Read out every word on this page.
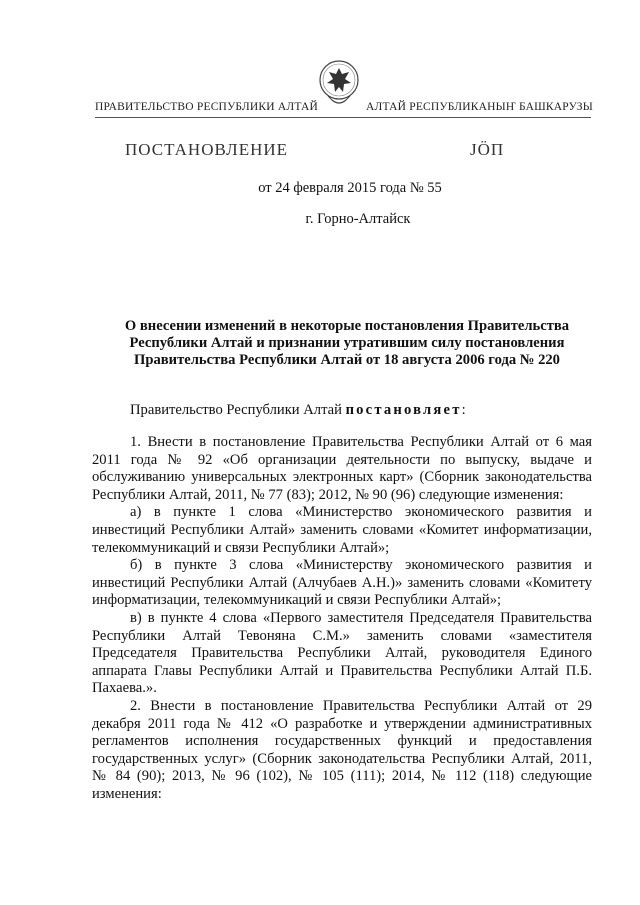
ПРАВИТЕЛЬСТВО РЕСПУБЛИКИ АЛТАЙ	АЛТАЙ РЕСПУБЛИКАНЫҤ БАШКАРУЗЫ
ПОСТАНОВЛЕНИЕ	ЈÖП
от 24 февраля 2015 года № 55
г. Горно-Алтайск
О внесении изменений в некоторые постановления Правительства Республики Алтай и признании утратившим силу постановления Правительства Республики Алтай от 18 августа 2006 года № 220
Правительство Республики Алтай постановляет:

1. Внести в постановление Правительства Республики Алтай от 6 мая 2011 года № 92 «Об организации деятельности по выпуску, выдаче и обслуживанию универсальных электронных карт» (Сборник законодательства Республики Алтай, 2011, № 77 (83); 2012, № 90 (96) следующие изменения:

а) в пункте 1 слова «Министерство экономического развития и инвестиций Республики Алтай» заменить словами «Комитет информатизации, телекоммуникаций и связи Республики Алтай»;

б) в пункте 3 слова «Министерству экономического развития и инвестиций Республики Алтай (Алчубаев А.Н.)» заменить словами «Комитету информатизации, телекоммуникаций и связи Республики Алтай»;

в) в пункте 4 слова «Первого заместителя Председателя Правительства Республики Алтай Тевоняна С.М.» заменить словами «заместителя Председателя Правительства Республики Алтай, руководителя Единого аппарата Главы Республики Алтай и Правительства Республики Алтай П.Б. Пахаева.».

2. Внести в постановление Правительства Республики Алтай от 29 декабря 2011 года № 412 «О разработке и утверждении административных регламентов исполнения государственных функций и предоставления государственных услуг» (Сборник законодательства Республики Алтай, 2011, № 84 (90); 2013, № 96 (102), № 105 (111); 2014, № 112 (118) следующие изменения:
